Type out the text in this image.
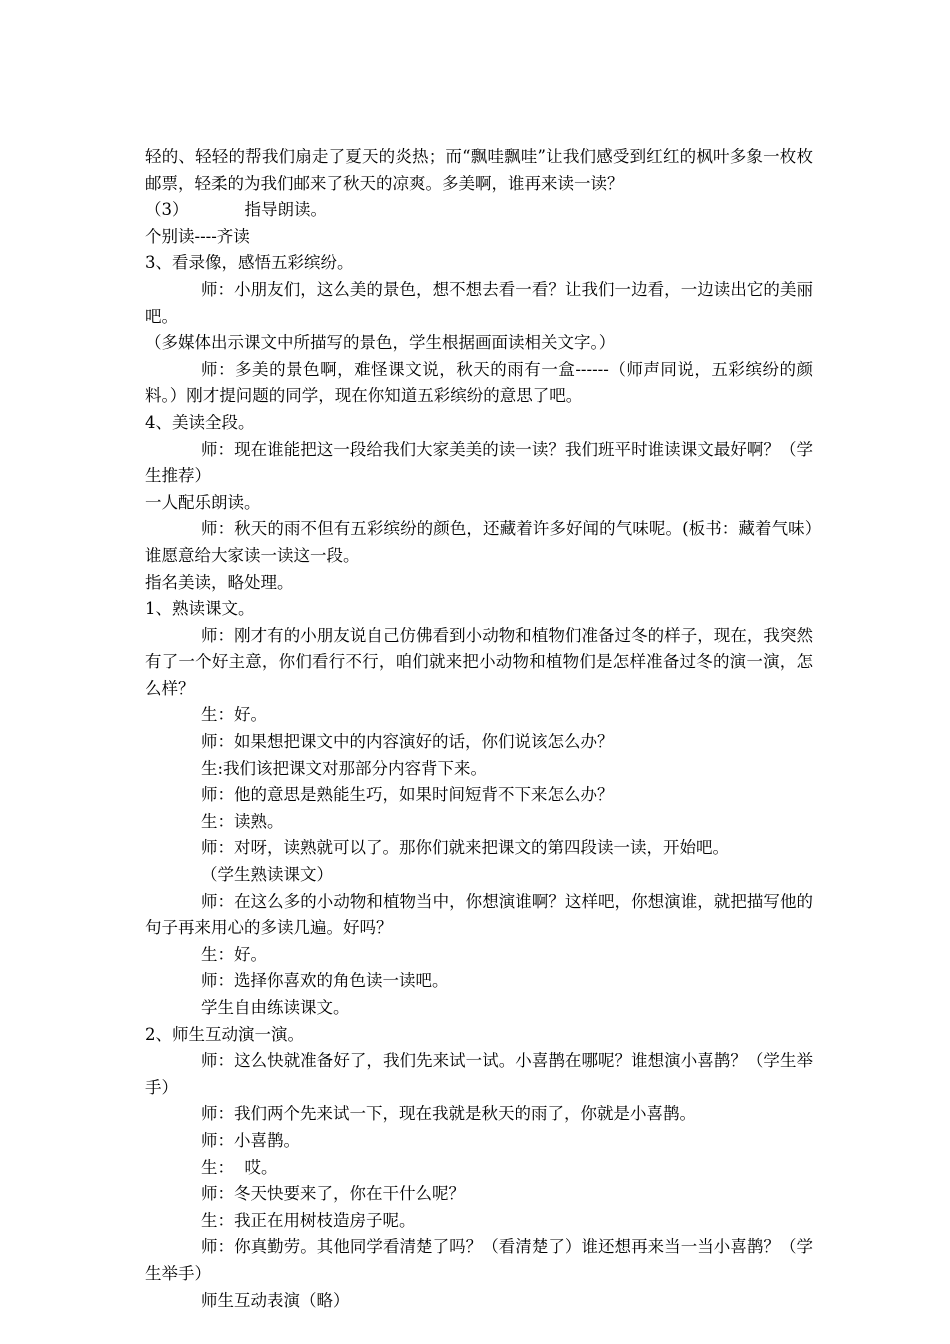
轻的、轻轻的帮我们扇走了夏天的炎热；而“飘哇飘哇”让我们感受到红红的枫叶多象一枚枚邮票，轻柔的为我们邮来了秋天的凉爽。多美啊，谁再来读一读？

（3）	指导朗读。

个别读----齐读

3、看录像，感悟五彩缤纷。

师：小朋友们，这么美的景色，想不想去看一看？让我们一边看，一边读出它的美丽吧。

（多媒体出示课文中所描写的景色，学生根据画面读相关文字。）

师：多美的景色啊，难怪课文说，秋天的雨有一盒------（师声同说，五彩缤纷的颜料。）刚才提问题的同学，现在你知道五彩缤纷的意思了吧。

4、美读全段。

师：现在谁能把这一段给我们大家美美的读一读？我们班平时谁读课文最好啊？（学生推荐）

一人配乐朗读。

师：秋天的雨不但有五彩缤纷的颜色，还藏着许多好闻的气味呢。(板书：藏着气味）谁愿意给大家读一读这一段。

指名美读，略处理。

1、熟读课文。

师：刚才有的小朋友说自己仿佛看到小动物和植物们准备过冬的样子，现在，我突然有了一个好主意，你们看行不行，咱们就来把小动物和植物们是怎样准备过冬的演一演，怎么样？

生：好。

师：如果想把课文中的内容演好的话，你们说该怎么办？

生:我们该把课文对那部分内容背下来。

师：他的意思是熟能生巧，如果时间短背不下来怎么办？

生：读熟。

师：对呀，读熟就可以了。那你们就来把课文的第四段读一读，开始吧。

（学生熟读课文）

师：在这么多的小动物和植物当中，你想演谁啊？这样吧，你想演谁，就把描写他的句子再来用心的多读几遍。好吗？

生：好。

师：选择你喜欢的角色读一读吧。

学生自由练读课文。

2、师生互动演一演。

师：这么快就准备好了，我们先来试一试。小喜鹊在哪呢？谁想演小喜鹊？（学生举手）

师：我们两个先来试一下，现在我就是秋天的雨了，你就是小喜鹊。

师：小喜鹊。

生：  哎。

师：冬天快要来了，你在干什么呢？

生：我正在用树枝造房子呢。

师：你真勤劳。其他同学看清楚了吗？（看清楚了）谁还想再来当一当小喜鹊？（学生举手）

师生互动表演（略）
